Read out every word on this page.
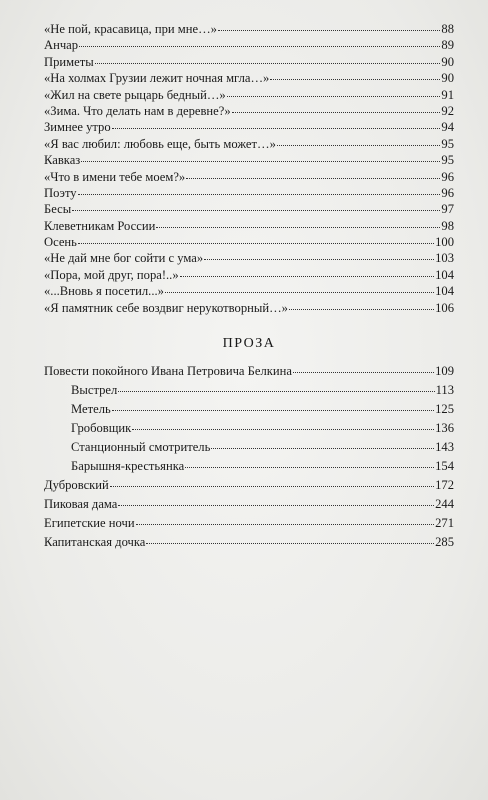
«Не пой, красавица, при мне…»	88
Анчар	89
Приметы	90
«На холмах Грузии лежит ночная мгла…»	90
«Жил на свете рыцарь бедный…»	91
«Зима. Что делать нам в деревне?»	92
Зимнее утро	94
«Я вас любил: любовь еще, быть может…»	95
Кавказ	95
«Что в имени тебе моем?»	96
Поэту	96
Бесы	97
Клеветникам России	98
Осень	100
«Не дай мне бог сойти с ума»	103
«Пора, мой друг, пора!..»	104
«...Вновь я посетил...»	104
«Я памятник себе воздвиг нерукотворный…»	106
ПРОЗА
Повести покойного Ивана Петровича Белкина	109
Выстрел	113
Метель	125
Гробовщик	136
Станционный смотритель	143
Барышня-крестьянка	154
Дубровский	172
Пиковая дама	244
Египетские ночи	271
Капитанская дочка	285
